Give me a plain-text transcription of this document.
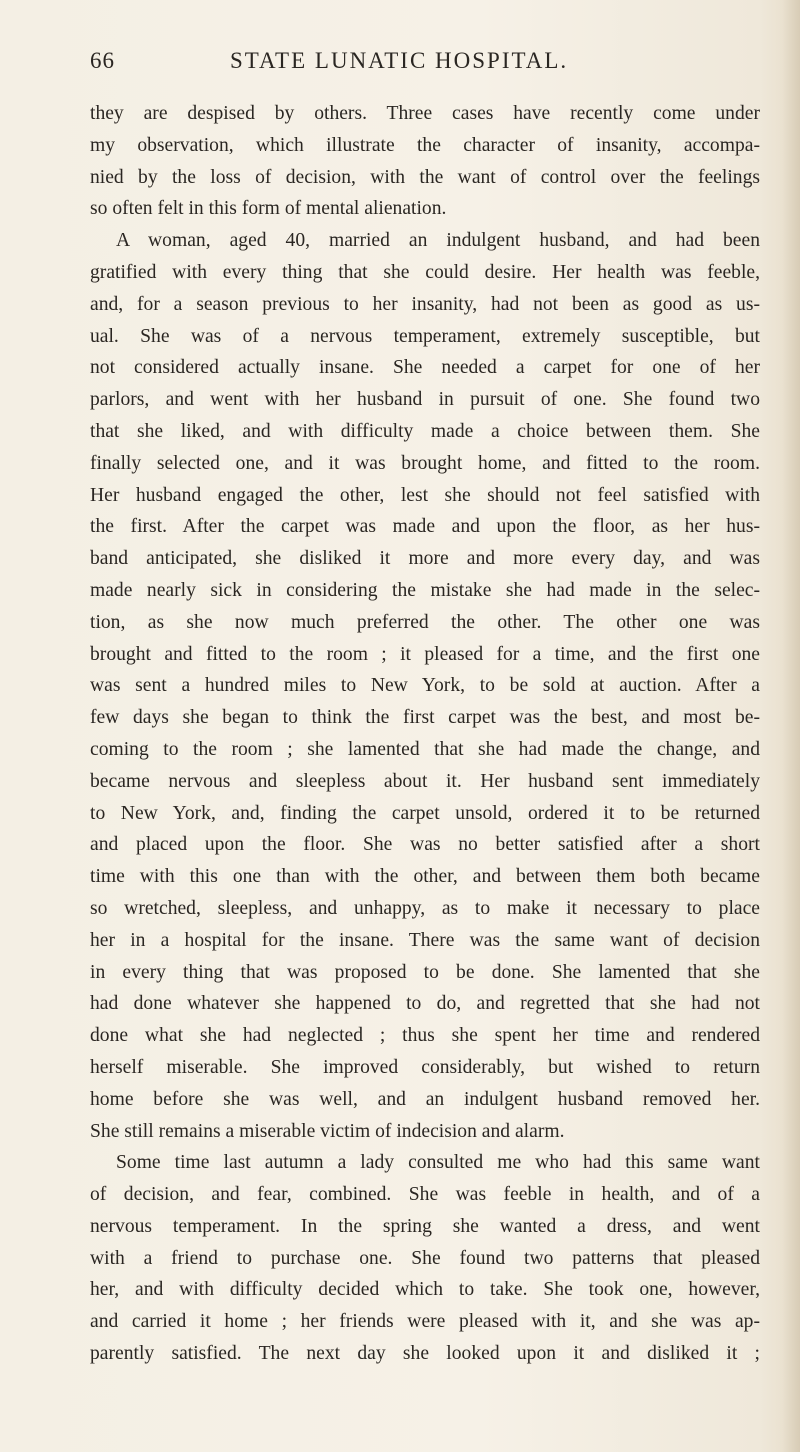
66	STATE LUNATIC HOSPITAL.
they are despised by others. Three cases have recently come under
my observation, which illustrate the character of insanity, accompa-
nied by the loss of decision, with the want of control over the feelings
so often felt in this form of mental alienation.
A woman, aged 40, married an indulgent husband, and had been
gratified with every thing that she could desire. Her health was feeble,
and, for a season previous to her insanity, had not been as good as us-
ual. She was of a nervous temperament, extremely susceptible, but
not considered actually insane. She needed a carpet for one of her
parlors, and went with her husband in pursuit of one. She found two
that she liked, and with difficulty made a choice between them. She
finally selected one, and it was brought home, and fitted to the room.
Her husband engaged the other, lest she should not feel satisfied with
the first. After the carpet was made and upon the floor, as her hus-
band anticipated, she disliked it more and more every day, and was
made nearly sick in considering the mistake she had made in the selec-
tion, as she now much preferred the other. The other one was
brought and fitted to the room ; it pleased for a time, and the first one
was sent a hundred miles to New York, to be sold at auction. After a
few days she began to think the first carpet was the best, and most be-
coming to the room ; she lamented that she had made the change, and
became nervous and sleepless about it. Her husband sent immediately
to New York, and, finding the carpet unsold, ordered it to be returned
and placed upon the floor. She was no better satisfied after a short
time with this one than with the other, and between them both became
so wretched, sleepless, and unhappy, as to make it necessary to place
her in a hospital for the insane. There was the same want of decision
in every thing that was proposed to be done. She lamented that she
had done whatever she happened to do, and regretted that she had not
done what she had neglected ; thus she spent her time and rendered
herself miserable. She improved considerably, but wished to return
home before she was well, and an indulgent husband removed her.
She still remains a miserable victim of indecision and alarm.
Some time last autumn a lady consulted me who had this same want
of decision, and fear, combined. She was feeble in health, and of a
nervous temperament. In the spring she wanted a dress, and went
with a friend to purchase one. She found two patterns that pleased
her, and with difficulty decided which to take. She took one, however,
and carried it home ; her friends were pleased with it, and she was ap-
parently satisfied. The next day she looked upon it and disliked it ;
